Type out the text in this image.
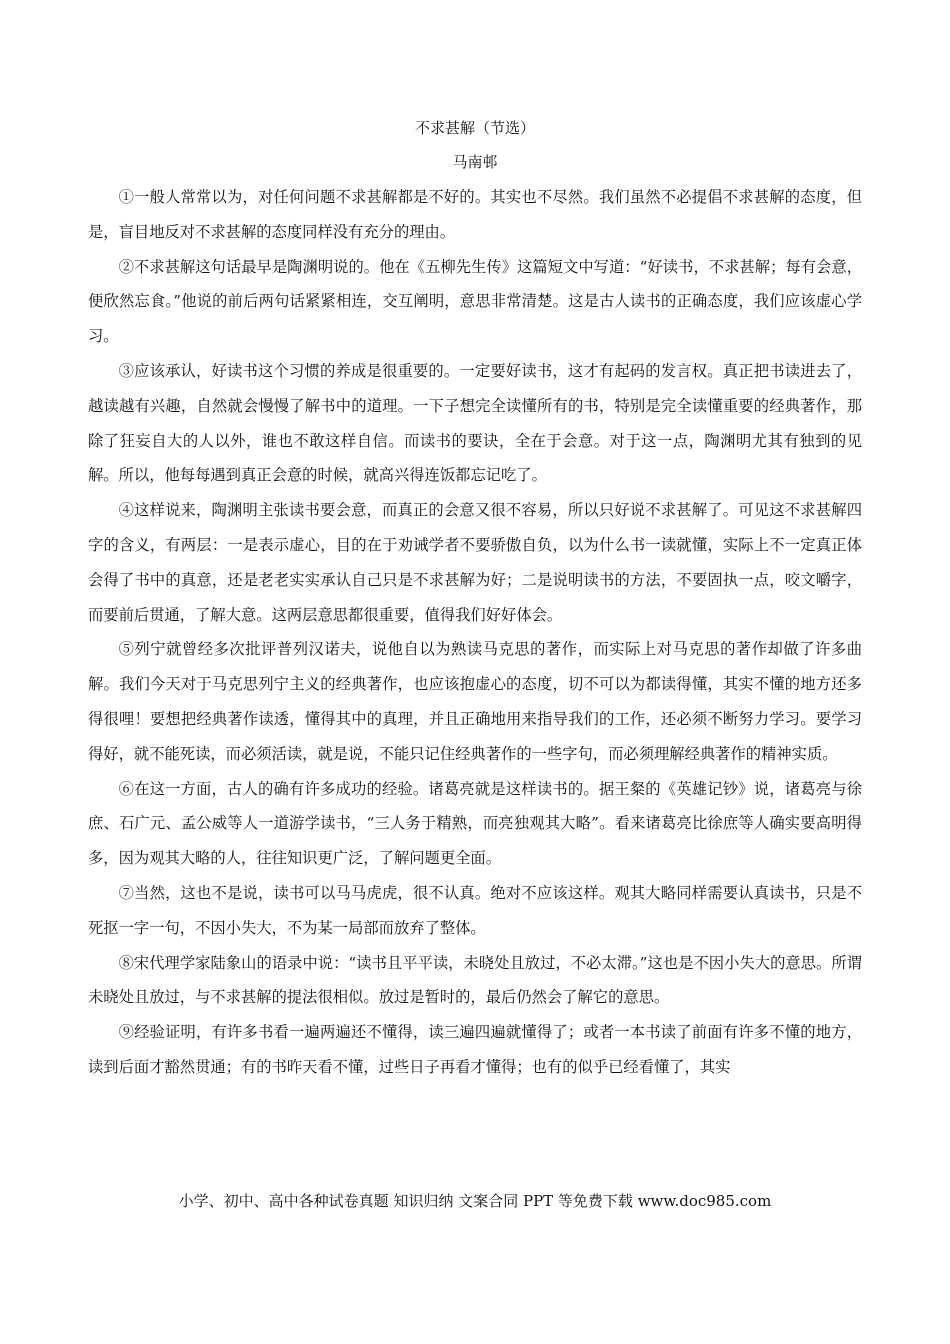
不求甚解（节选）
马南邨

①一般人常常以为，对任何问题不求甚解都是不好的。其实也不尽然。我们虽然不必提倡不求甚解的态度，但是，盲目地反对不求甚解的态度同样没有充分的理由。

②不求甚解这句话最早是陶渊明说的。他在《五柳先生传》这篇短文中写道：“好读书，不求甚解；每有会意，便欣然忘食。”他说的前后两句话紧紧相连，交互阐明，意思非常清楚。这是古人读书的正确态度，我们应该虚心学习。

③应该承认，好读书这个习惯的养成是很重要的。一定要好读书，这才有起码的发言权。真正把书读进去了，越读越有兴趣，自然就会慢慢了解书中的道理。一下子想完全读懂所有的书，特别是完全读懂重要的经典著作，那除了狂妄自大的人以外，谁也不敢这样自信。而读书的要诀，全在于会意。对于这一点，陶渊明尤其有独到的见解。所以，他每每遇到真正会意的时候，就高兴得连饭都忘记吃了。

④这样说来，陶渊明主张读书要会意，而真正的会意又很不容易，所以只好说不求甚解了。可见这不求甚解四字的含义，有两层：一是表示虚心，目的在于劝诫学者不要骄傲自负，以为什么书一读就懂，实际上不一定真正体会得了书中的真意，还是老老实实承认自己只是不求甚解为好；二是说明读书的方法，不要固执一点，咬文嚼字，而要前后贯通，了解大意。这两层意思都很重要，值得我们好好体会。

⑤列宁就曾经多次批评普列汉诺夫，说他自以为熟读马克思的著作，而实际上对马克思的著作却做了许多曲解。我们今天对于马克思列宁主义的经典著作，也应该抱虚心的态度，切不可以为都读得懂，其实不懂的地方还多得很哩！要想把经典著作读透，懂得其中的真理，并且正确地用来指导我们的工作，还必须不断努力学习。要学习得好，就不能死读，而必须活读，就是说，不能只记住经典著作的一些字句，而必须理解经典著作的精神实质。

⑥在这一方面，古人的确有许多成功的经验。诸葛亮就是这样读书的。据王粲的《英雄记钞》说，诸葛亮与徐庶、石广元、孟公威等人一道游学读书，“三人务于精熟，而亮独观其大略”。看来诸葛亮比徐庶等人确实要高明得多，因为观其大略的人，往往知识更广泛，了解问题更全面。

⑦当然，这也不是说，读书可以马马虎虎，很不认真。绝对不应该这样。观其大略同样需要认真读书，只是不死抠一字一句，不因小失大，不为某一局部而放弃了整体。

⑧宋代理学家陆象山的语录中说：“读书且平平读，未晓处且放过，不必太滞。”这也是不因小失大的意思。所谓未晓处且放过，与不求甚解的提法很相似。放过是暂时的，最后仍然会了解它的意思。

⑨经验证明，有许多书看一遍两遍还不懂得，读三遍四遍就懂得了；或者一本书读了前面有许多不懂的地方，读到后面才豁然贯通；有的书昨天看不懂，过些日子再看才懂得；也有的似乎已经看懂了，其实

小学、初中、高中各种试卷真题 知识归纳 文案合同 PPT 等免费下载 www.doc985.com
